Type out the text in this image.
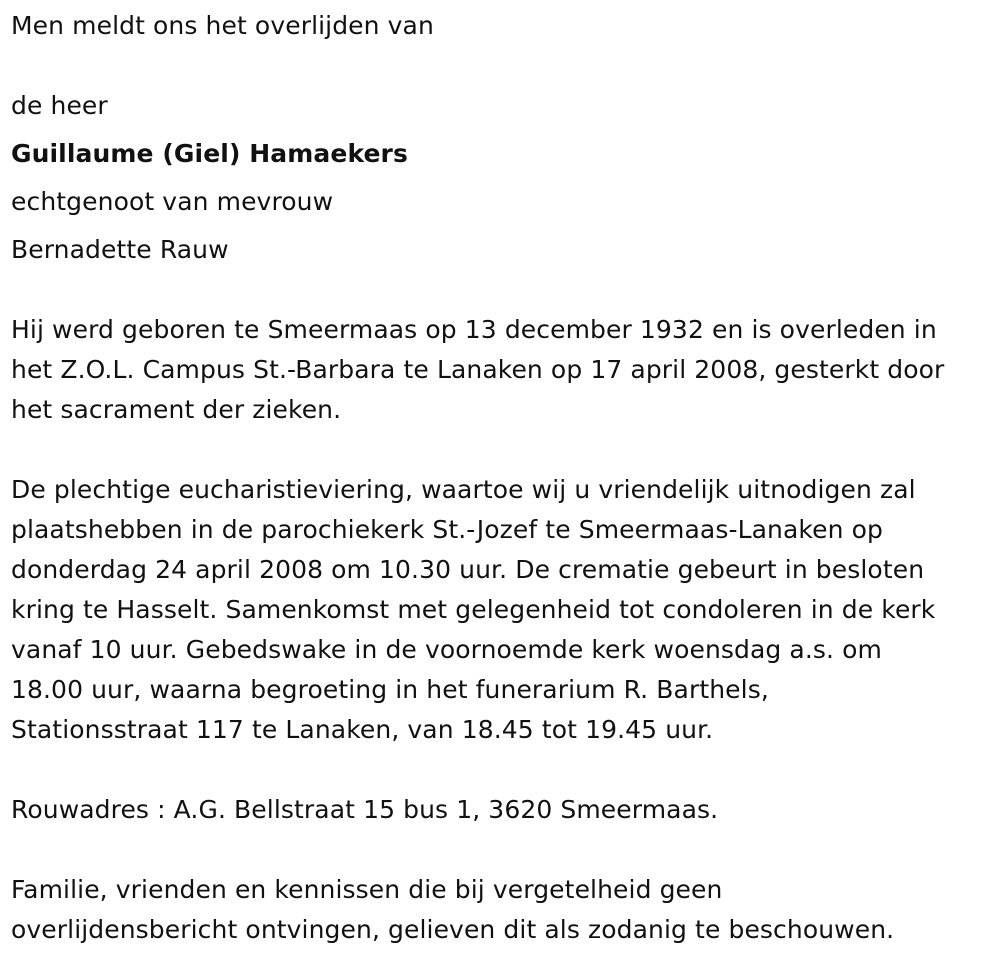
Men meldt ons het overlijden van
de heer
Guillaume (Giel) Hamaekers
echtgenoot van mevrouw
Bernadette Rauw
Hij werd geboren te Smeermaas op 13 december 1932 en is overleden in
het Z.O.L. Campus St.-Barbara te Lanaken op 17 april 2008, gesterkt door
het sacrament der zieken.
De plechtige eucharistieviering, waartoe wij u vriendelijk uitnodigen zal
plaatshebben in de parochiekerk St.-Jozef te Smeermaas-Lanaken op
donderdag 24 april 2008 om 10.30 uur. De crematie gebeurt in besloten
kring te Hasselt. Samenkomst met gelegenheid tot condoleren in de kerk
vanaf 10 uur. Gebedswake in de voornoemde kerk woensdag a.s. om
18.00 uur, waarna begroeting in het funerarium R. Barthels,
Stationsstraat 117 te Lanaken, van 18.45 tot 19.45 uur.
Rouwadres : A.G. Bellstraat 15 bus 1, 3620 Smeermaas.
Familie, vrienden en kennissen die bij vergetelheid geen
overlijdensbericht ontvingen, gelieven dit als zodanig te beschouwen.
